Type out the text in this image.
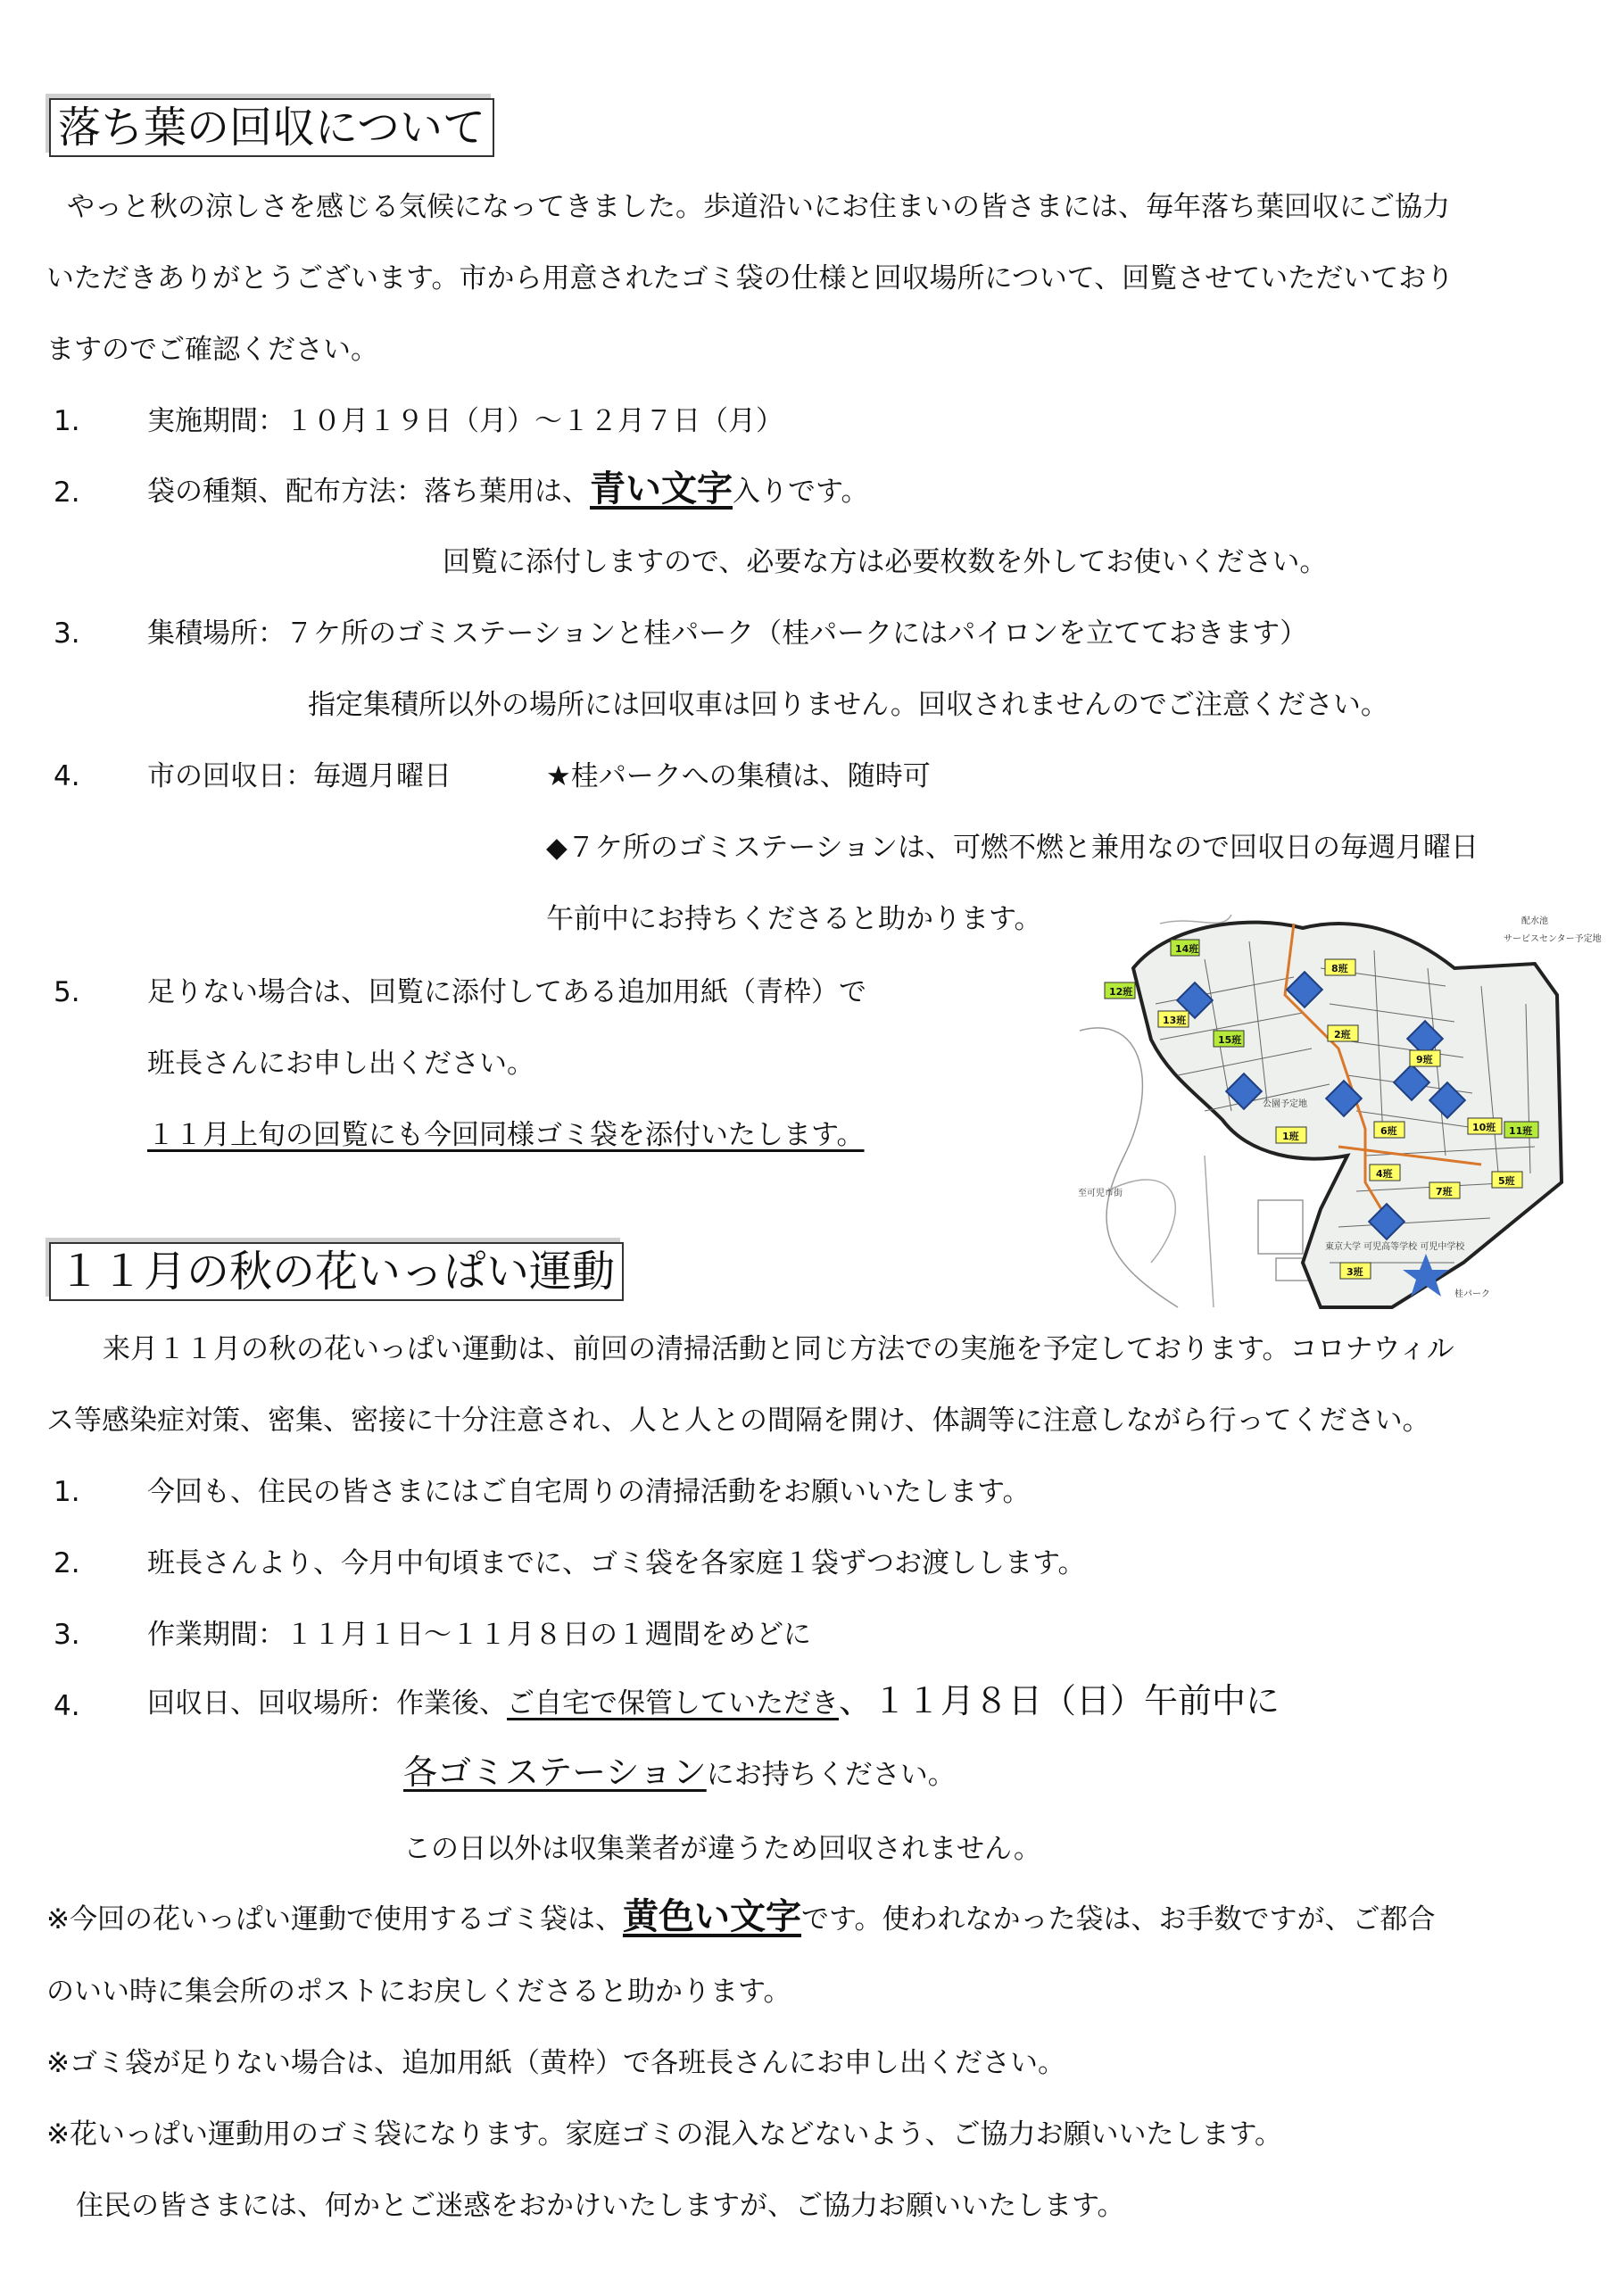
落ち葉の回収について
やっと秋の涼しさを感じる気候になってきました。歩道沿いにお住まいの皆さまには、毎年落ち葉回収にご協力
いただきありがとうございます。市から用意されたゴミ袋の仕様と回収場所について、回覧させていただいており
ますのでご確認ください。
1. 実施期間：１０月１９日（月）～１２月７日（月）
2. 袋の種類、配布方法：落ち葉用は、青い文字入りです。
回覧に添付しますので、必要な方は必要枚数を外してお使いください。
3. 集積場所：７ケ所のゴミステーションと桂パーク（桂パークにはパイロンを立てておきます）
指定集積所以外の場所には回収車は回りません。回収されませんのでご注意ください。
4. 市の回収日：毎週月曜日	★桂パークへの集積は、随時可
◆７ケ所のゴミステーションは、可燃不燃と兼用なので回収日の毎週月曜日
午前中にお持ちくださると助かります。
5. 足りない場合は、回覧に添付してある追加用紙（青枠）で
班長さんにお申し出ください。
１１月上旬の回覧にも今回同様ゴミ袋を添付いたします。
14班
12班
13班
15班
8班
2班
9班
1班
10班 11班
6班
7班
5班
3班
4班
公園予定地
東京大学 可児高等学校 可児中学校
至可児市街
配水池
サービスセンター予定地
桂パーク
１１月の秋の花いっぱい運動
来月１１月の秋の花いっぱい運動は、前回の清掃活動と同じ方法での実施を予定しております。コロナウィル
ス等感染症対策、密集、密接に十分注意され、人と人との間隔を開け、体調等に注意しながら行ってください。
1. 今回も、住民の皆さまにはご自宅周りの清掃活動をお願いいたします。
2. 班長さんより、今月中旬頃までに、ゴミ袋を各家庭１袋ずつお渡しします。
3. 作業期間：１１月１日～１１月８日の１週間をめどに
4. 回収日、回収場所：作業後、ご自宅で保管していただき、１１月８日（日）午前中に
各ゴミステーションにお持ちください。
この日以外は収集業者が違うため回収されません。
※今回の花いっぱい運動で使用するゴミ袋は、黄色い文字です。使われなかった袋は、お手数ですが、ご都合
のいい時に集会所のポストにお戻しくださると助かります。
※ゴミ袋が足りない場合は、追加用紙（黄枠）で各班長さんにお申し出ください。
※花いっぱい運動用のゴミ袋になります。家庭ゴミの混入などないよう、ご協力お願いいたします。
住民の皆さまには、何かとご迷惑をおかけいたしますが、ご協力お願いいたします。
